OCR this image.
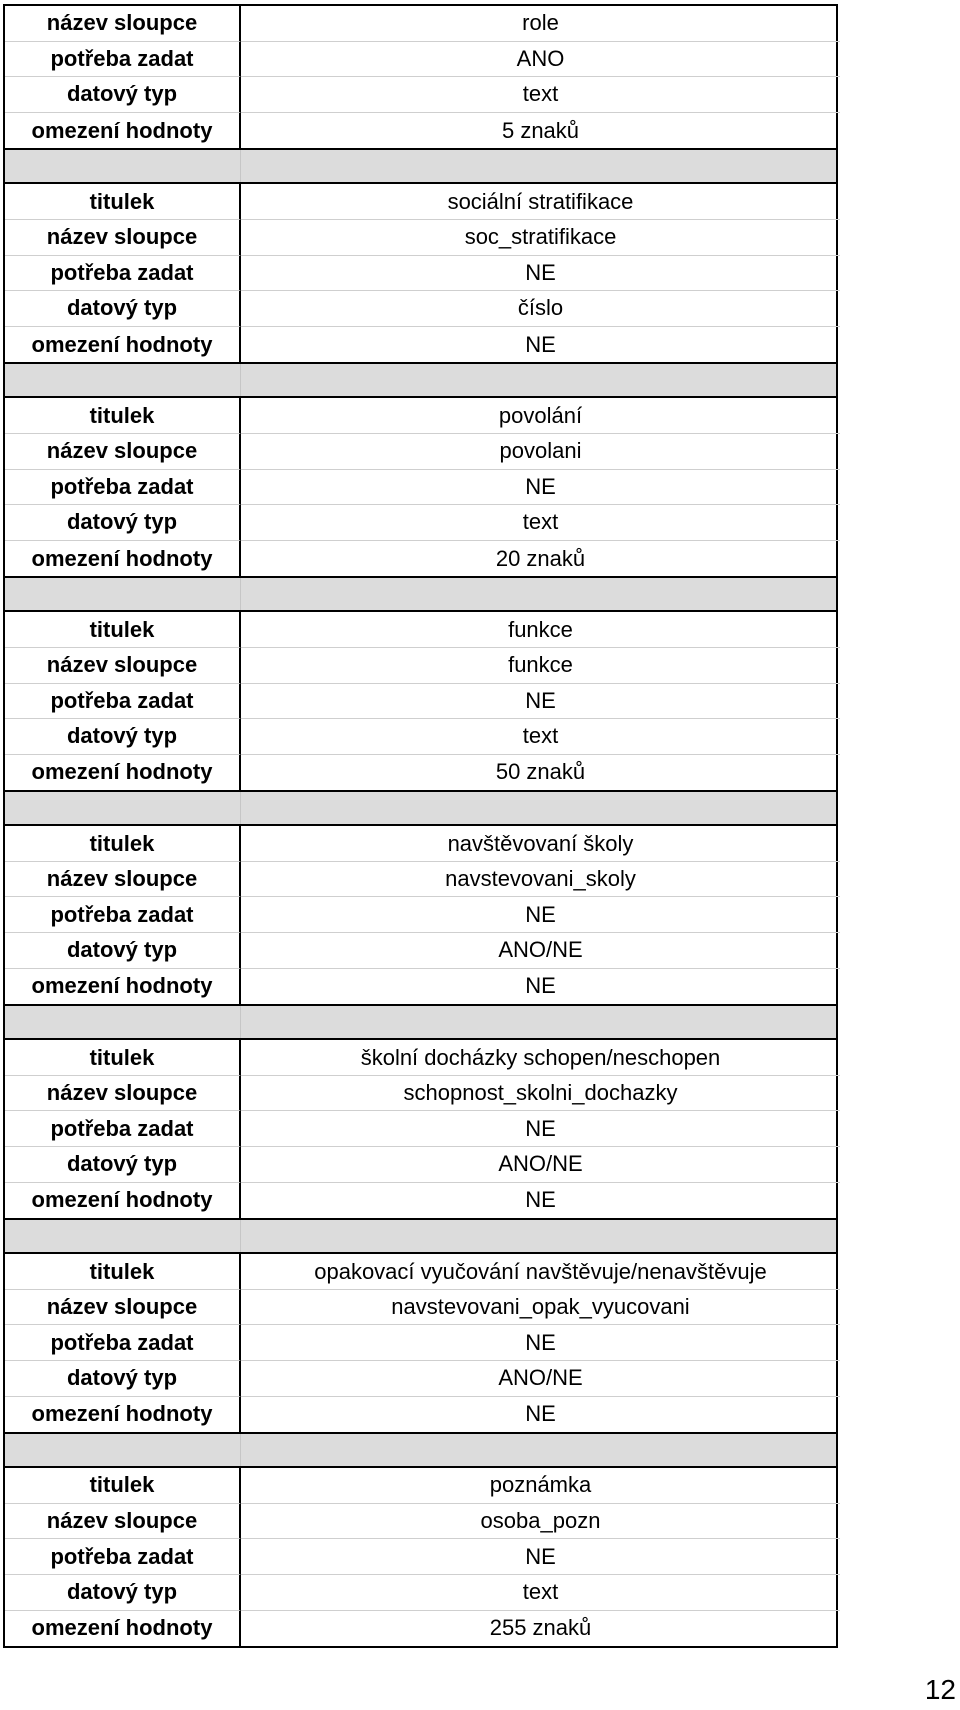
název sloupce	role
potřeba zadat	ANO
datový typ	text
omezení hodnoty	5 znaků
titulek	sociální stratifikace
název sloupce	soc_stratifikace
potřeba zadat	NE
datový typ	číslo
omezení hodnoty	NE
titulek	povolání
název sloupce	povolani
potřeba zadat	NE
datový typ	text
omezení hodnoty	20 znaků
titulek	funkce
název sloupce	funkce
potřeba zadat	NE
datový typ	text
omezení hodnoty	50 znaků
titulek	navštěvovaní školy
název sloupce	navstevovani_skoly
potřeba zadat	NE
datový typ	ANO/NE
omezení hodnoty	NE
titulek	školní docházky schopen/neschopen
název sloupce	schopnost_skolni_dochazky
potřeba zadat	NE
datový typ	ANO/NE
omezení hodnoty	NE
titulek	opakovací vyučování navštěvuje/nenavštěvuje
název sloupce	navstevovani_opak_vyucovani
potřeba zadat	NE
datový typ	ANO/NE
omezení hodnoty	NE
titulek	poznámka
název sloupce	osoba_pozn
potřeba zadat	NE
datový typ	text
omezení hodnoty	255 znaků
12
